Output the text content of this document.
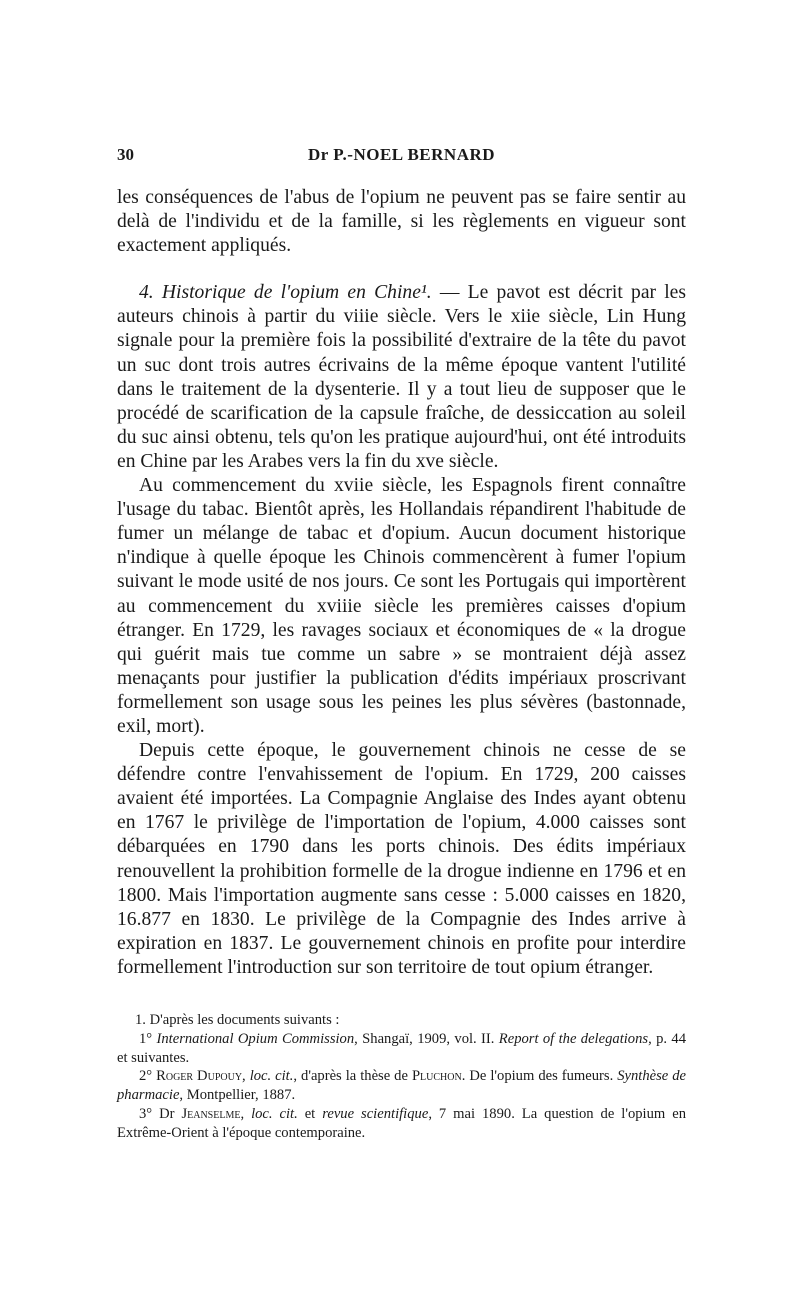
30	Dr P.-NOEL BERNARD

les conséquences de l'abus de l'opium ne peuvent pas se faire sentir au delà de l'individu et de la famille, si les règlements en vigueur sont exactement appliqués.

4. Historique de l'opium en Chine¹. — Le pavot est décrit par les auteurs chinois à partir du viiie siècle. Vers le xiie siècle, Lin Hung signale pour la première fois la possibilité d'extraire de la tête du pavot un suc dont trois autres écrivains de la même époque vantent l'utilité dans le traitement de la dysenterie. Il y a tout lieu de supposer que le procédé de scarification de la capsule fraîche, de dessiccation au soleil du suc ainsi obtenu, tels qu'on les pratique aujourd'hui, ont été introduits en Chine par les Arabes vers la fin du xve siècle.

Au commencement du xviie siècle, les Espagnols firent connaître l'usage du tabac. Bientôt après, les Hollandais répandirent l'habitude de fumer un mélange de tabac et d'opium. Aucun document historique n'indique à quelle époque les Chinois commencèrent à fumer l'opium suivant le mode usité de nos jours. Ce sont les Portugais qui importèrent au commencement du xviiie siècle les premières caisses d'opium étranger. En 1729, les ravages sociaux et économiques de « la drogue qui guérit mais tue comme un sabre » se montraient déjà assez menaçants pour justifier la publication d'édits impériaux proscrivant formellement son usage sous les peines les plus sévères (bastonnade, exil, mort).

Depuis cette époque, le gouvernement chinois ne cesse de se défendre contre l'envahissement de l'opium. En 1729, 200 caisses avaient été importées. La Compagnie Anglaise des Indes ayant obtenu en 1767 le privilège de l'importation de l'opium, 4.000 caisses sont débarquées en 1790 dans les ports chinois. Des édits impériaux renouvellent la prohibition formelle de la drogue indienne en 1796 et en 1800. Mais l'importation augmente sans cesse : 5.000 caisses en 1820, 16.877 en 1830. Le privilège de la Compagnie des Indes arrive à expiration en 1837. Le gouvernement chinois en profite pour interdire formellement l'introduction sur son territoire de tout opium étranger.

1. D'après les documents suivants :

1° International Opium Commission, Shangaï, 1909, vol. II. Report of the delegations, p. 44 et suivantes.

2° Roger Dupouy, loc. cit., d'après la thèse de Pluchon. De l'opium des fumeurs. Synthèse de pharmacie, Montpellier, 1887.

3° Dr Jeanselme, loc. cit. et revue scientifique, 7 mai 1890. La question de l'opium en Extrême-Orient à l'époque contemporaine.
